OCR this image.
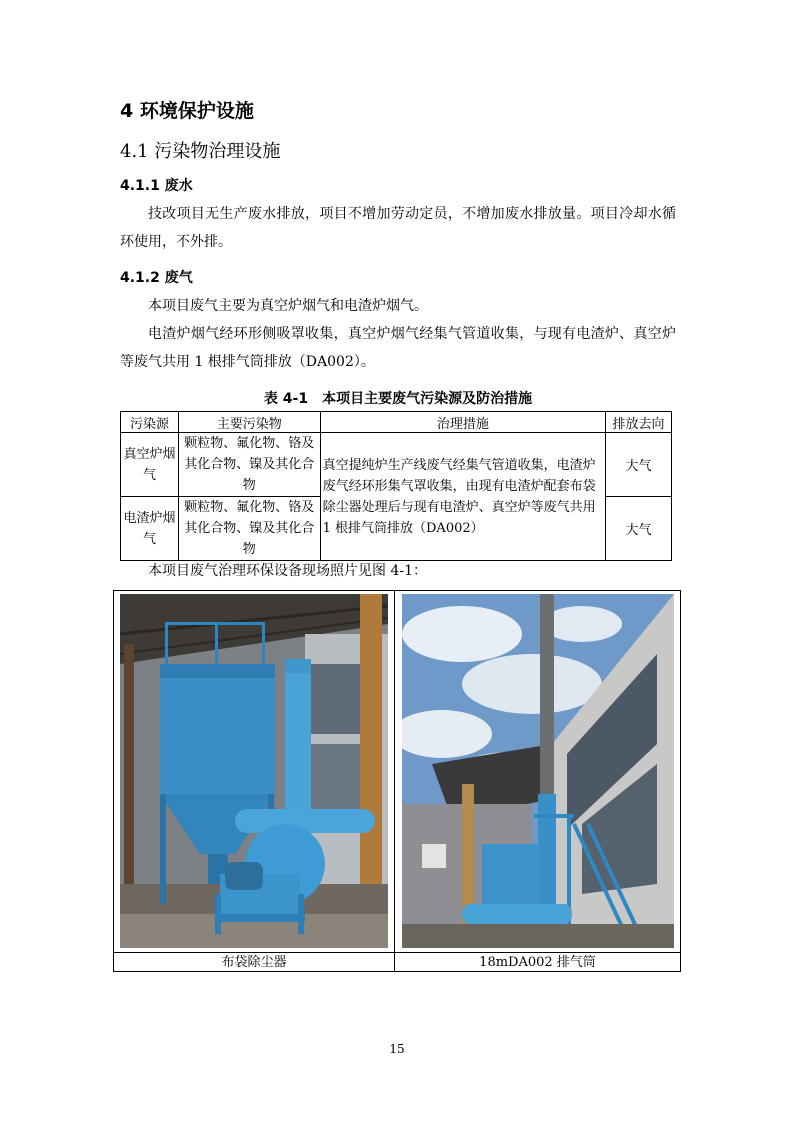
4 环境保护设施
4.1 污染物治理设施
4.1.1 废水
技改项目无生产废水排放，项目不增加劳动定员，不增加废水排放量。项目冷却水循环使用，不外排。
4.1.2 废气
本项目废气主要为真空炉烟气和电渣炉烟气。
电渣炉烟气经环形侧吸罩收集，真空炉烟气经集气管道收集，与现有电渣炉、真空炉等废气共用 1 根排气筒排放（DA002）。
表 4-1　本项目主要废气污染源及防治措施
污染源	主要污染物	治理措施	排放去向
真空炉烟气	颗粒物、氟化物、铬及其化合物、镍及其化合物	真空提纯炉生产线废气经集气管道收集，电渣炉废气经环形集气罩收集，由现有电渣炉配套布袋除尘器处理后与现有电渣炉、真空炉等废气共用 1 根排气筒排放（DA002）	大气
电渣炉烟气	颗粒物、氟化物、铬及其化合物、镍及其化合物		大气
本项目废气治理环保设备现场照片见图 4-1：
布袋除尘器	18mDA002 排气筒
15
